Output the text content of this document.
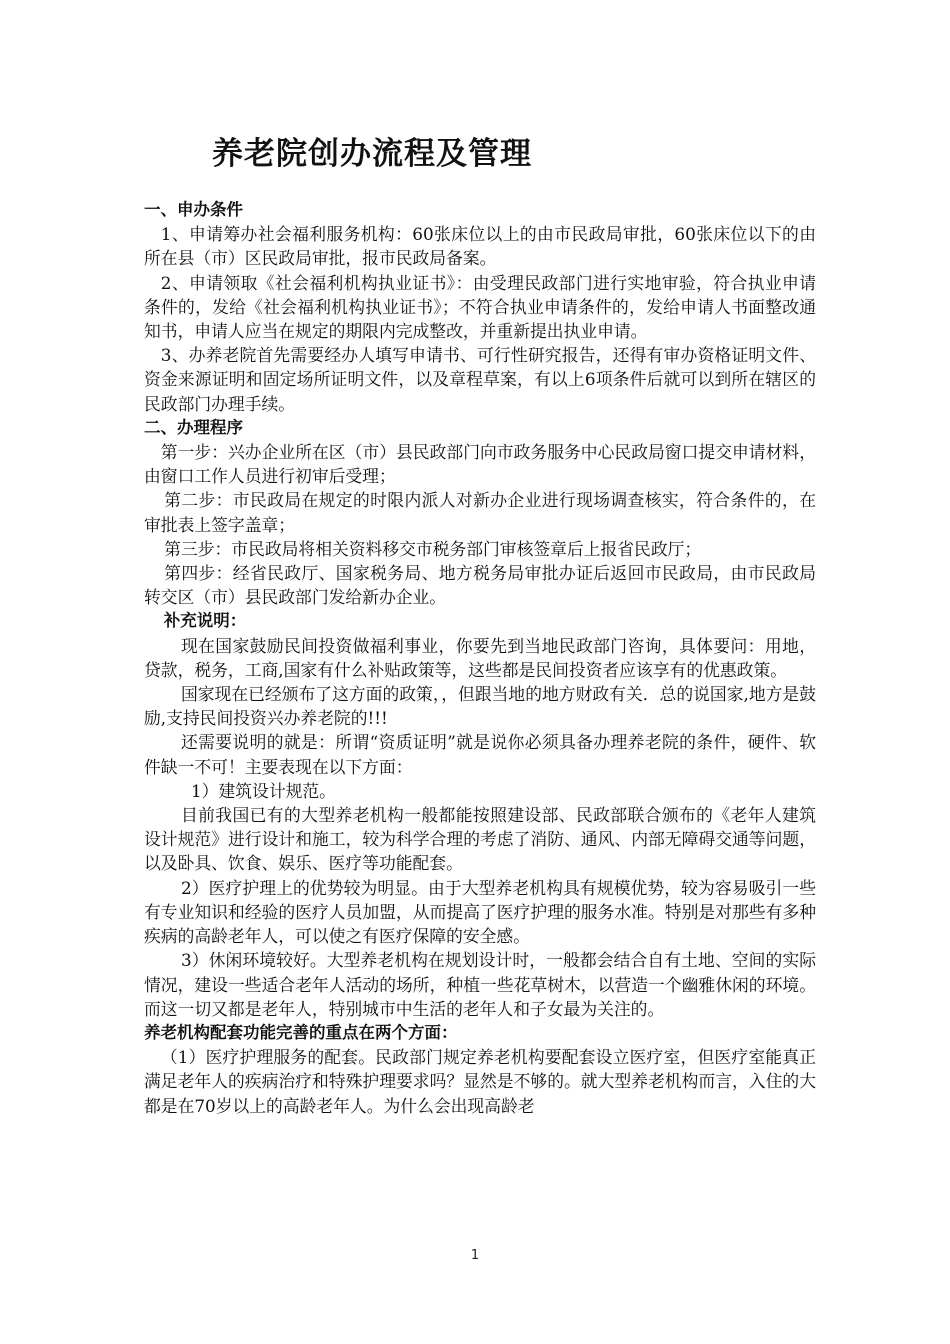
养老院创办流程及管理

一、申办条件

1、申请筹办社会福利服务机构：60张床位以上的由市民政局审批，60张床位以下的由所在县（市）区民政局审批，报市民政局备案。

2、申请领取《社会福利机构执业证书》：由受理民政部门进行实地审验，符合执业申请条件的，发给《社会福利机构执业证书》；不符合执业申请条件的，发给申请人书面整改通知书，申请人应当在规定的期限内完成整改，并重新提出执业申请。

3、办养老院首先需要经办人填写申请书、可行性研究报告，还得有审办资格证明文件、资金来源证明和固定场所证明文件，以及章程草案，有以上6项条件后就可以到所在辖区的民政部门办理手续。

二、办理程序

第一步：兴办企业所在区（市）县民政部门向市政务服务中心民政局窗口提交申请材料，由窗口工作人员进行初审后受理；

第二步：市民政局在规定的时限内派人对新办企业进行现场调查核实，符合条件的，在审批表上签字盖章；

第三步：市民政局将相关资料移交市税务部门审核签章后上报省民政厅；

第四步：经省民政厅、国家税务局、地方税务局审批办证后返回市民政局，由市民政局转交区（市）县民政部门发给新办企业。

补充说明：

现在国家鼓励民间投资做福利事业，你要先到当地民政部门咨询，具体要问：用地，贷款，税务，工商,国家有什么补贴政策等，这些都是民间投资者应该享有的优惠政策。

国家现在已经颁布了这方面的政策，，但跟当地的地方财政有关．总的说国家,地方是鼓励,支持民间投资兴办养老院的!!!

还需要说明的就是：所谓“资质证明”就是说你必须具备办理养老院的条件，硬件、软件缺一不可！主要表现在以下方面：

1）建筑设计规范。

目前我国已有的大型养老机构一般都能按照建设部、民政部联合颁布的《老年人建筑设计规范》进行设计和施工，较为科学合理的考虑了消防、通风、内部无障碍交通等问题，以及卧具、饮食、娱乐、医疗等功能配套。

2）医疗护理上的优势较为明显。由于大型养老机构具有规模优势，较为容易吸引一些有专业知识和经验的医疗人员加盟，从而提高了医疗护理的服务水准。特别是对那些有多种疾病的高龄老年人，可以使之有医疗保障的安全感。

3）休闲环境较好。大型养老机构在规划设计时，一般都会结合自有土地、空间的实际情况，建设一些适合老年人活动的场所，种植一些花草树木，以营造一个幽雅休闲的环境。而这一切又都是老年人，特别城市中生活的老年人和子女最为关注的。

养老机构配套功能完善的重点在两个方面：

（1）医疗护理服务的配套。民政部门规定养老机构要配套设立医疗室，但医疗室能真正满足老年人的疾病治疗和特殊护理要求吗？显然是不够的。就大型养老机构而言，入住的大都是在70岁以上的高龄老年人。为什么会出现高龄老

1
